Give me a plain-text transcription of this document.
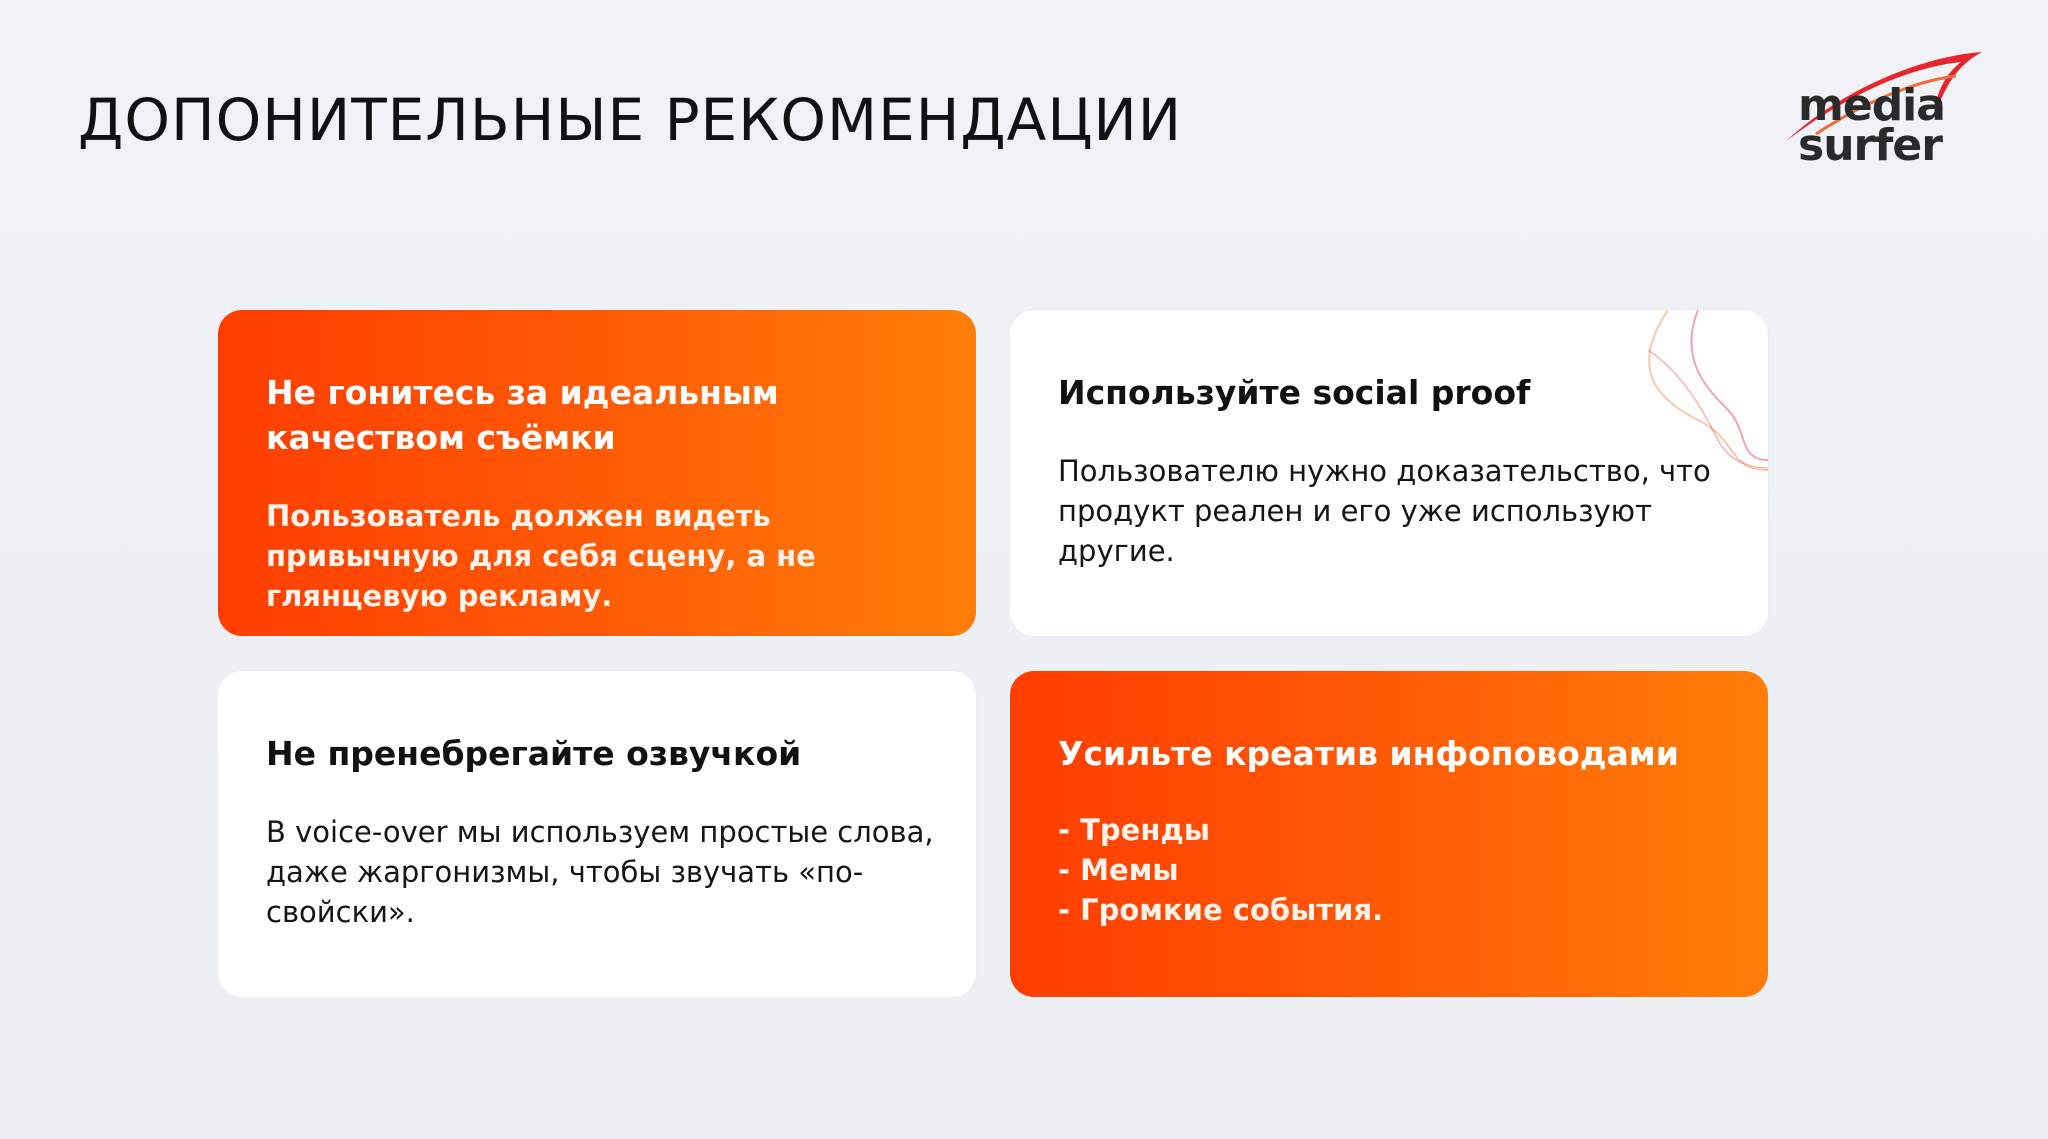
ДОПОНИТЕЛЬНЫЕ РЕКОМЕНДАЦИИ	media
surfer
Не гонитесь за идеальным качеством съёмки

Пользователь должен видеть привычную для себя сцену, а не глянцевую рекламу.

Используйте social proof

Пользователю нужно доказательство, что продукт реален и его уже используют другие.

Не пренебрегайте озвучкой

В voice-over мы используем простые слова, даже жаргонизмы, чтобы звучать «по-свойски».

Усильте креатив инфоповодами
- Тренды
- Мемы
- Громкие события.
